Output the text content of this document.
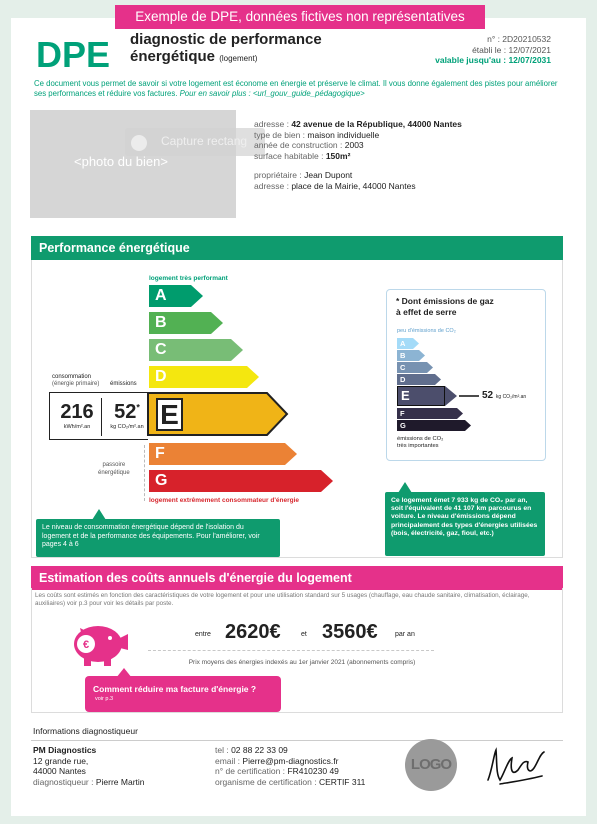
Exemple de DPE, données fictives non représentatives
DPE diagnostic de performance
énergétique (logement)
n° : 2D20210532
établi le : 12/07/2021
valable jusqu'au : 12/07/2031
Ce document vous permet de savoir si votre logement est économe en énergie et préserve le climat. Il vous donne également des pistes pour améliorer ses performances et réduire vos factures. Pour en savoir plus : <url_gouv_guide_pédagogique>
Capture rectang
<photo du bien>
adresse : 42 avenue de la République, 44000 Nantes
type de bien : maison individuelle
année de construction : 2003
surface habitable : 150m²
propriétaire : Jean Dupont
adresse : place de la Mairie, 44000 Nantes
Performance énergétique
logement très performant
A
B
C
D
F
G
logement extrêmement consommateur d'énergie
consommation
(énergie primaire) émissions
216
kWh/m².an
52*
kg CO₂/m².an E
passoire
énergétique
Le niveau de consommation énergétique dépend de l'isolation du logement et de la performance des équipements. Pour l'améliorer, voir pages 4 à 6
* Dont émissions de gaz
à effet de serre
peu d'émissions de CO₂
A
B
C
D
E
F
G
52 kg CO₂/m².an
émissions de CO₂
très importantes
Ce logement émet 7 933 kg de CO₂ par an, soit l'équivalent de 41 107 km parcourus en voiture. Le niveau d'émissions dépend principalement des types d'énergies utilisées (bois, électricité, gaz, fioul, etc.)
Estimation des coûts annuels d'énergie du logement
Les coûts sont estimés en fonction des caractéristiques de votre logement et pour une utilisation standard sur 5 usages (chauffage, eau chaude sanitaire, climatisation, éclairage, auxiliaires) voir p.3 pour voir les détails par poste.
€
entre 2620€	et 3560€ par an
Prix moyens des énergies indexés au 1er janvier 2021 (abonnements compris)
Comment réduire ma facture d'énergie ?
voir p.3
Informations diagnostiqueur
PM Diagnostics
12 grande rue,
44000 Nantes
diagnostiqueur : Pierre Martin
tel : 02 88 22 33 09
email : Pierre@pm-diagnostics.fr
n° de certification : FR410230 49
organisme de certification : CERTIF 311
LOGO
